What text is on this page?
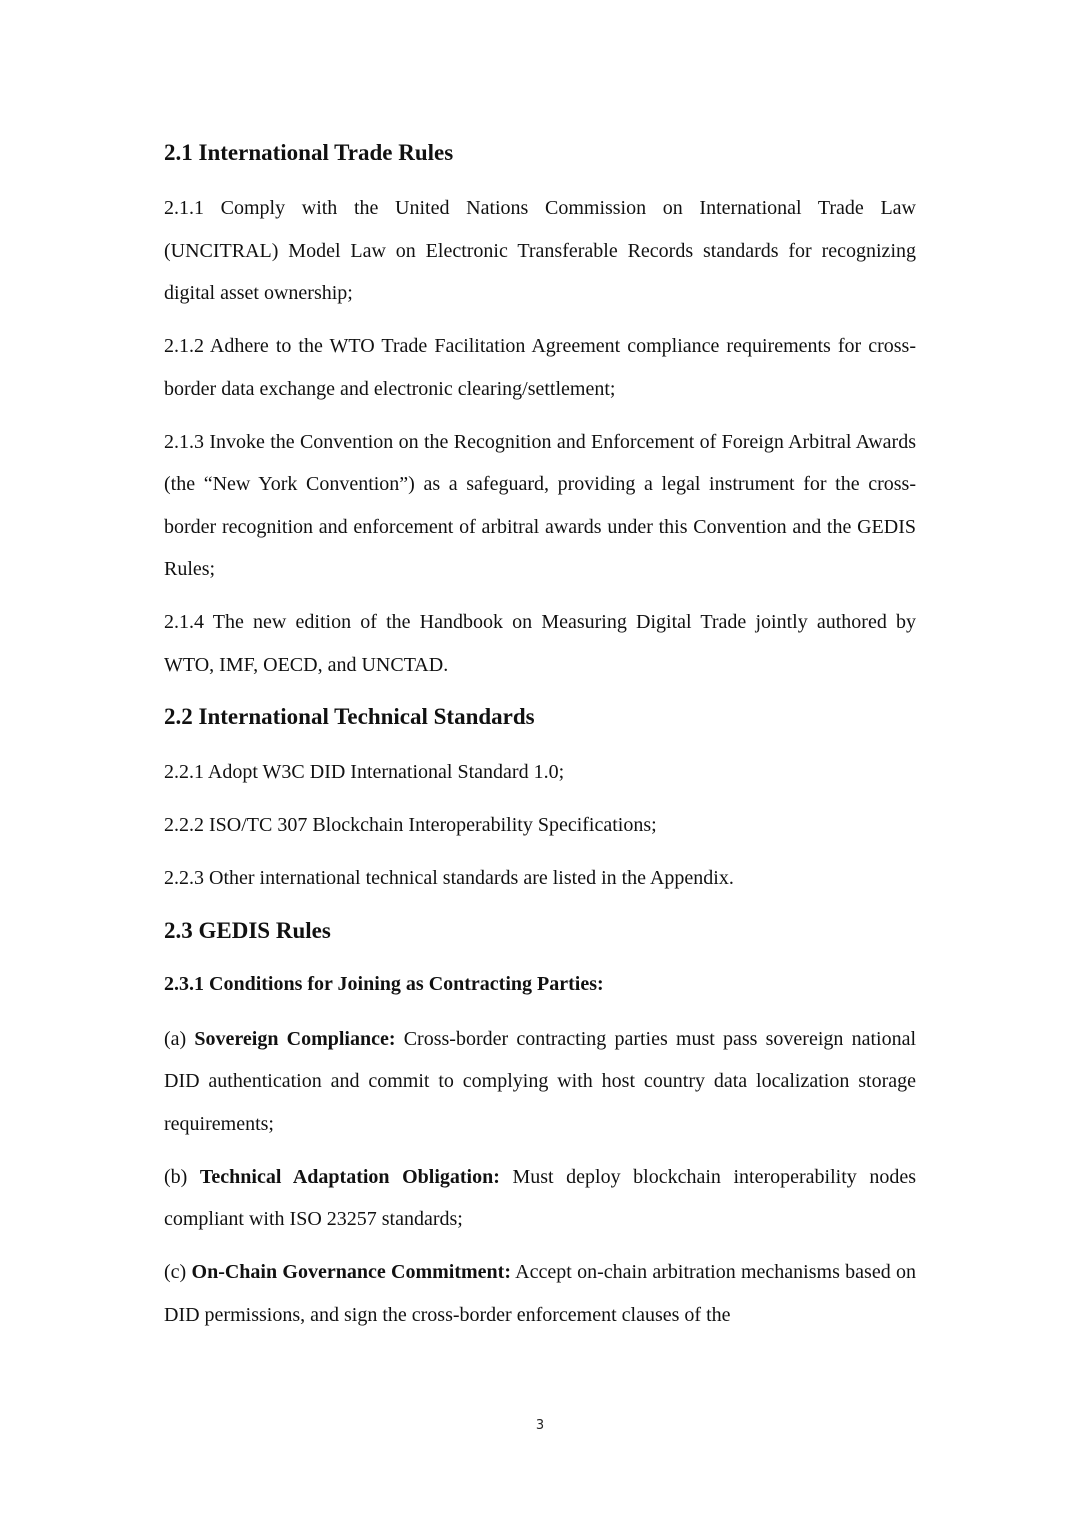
2.1 International Trade Rules

2.1.1 Comply with the United Nations Commission on International Trade Law (UNCITRAL) Model Law on Electronic Transferable Records standards for recognizing digital asset ownership;

2.1.2 Adhere to the WTO Trade Facilitation Agreement compliance requirements for cross-border data exchange and electronic clearing/settlement;

2.1.3 Invoke the Convention on the Recognition and Enforcement of Foreign Arbitral Awards (the “New York Convention”) as a safeguard, providing a legal instrument for the cross-border recognition and enforcement of arbitral awards under this Convention and the GEDIS Rules;

2.1.4 The new edition of the Handbook on Measuring Digital Trade jointly authored by WTO, IMF, OECD, and UNCTAD.

2.2 International Technical Standards

2.2.1 Adopt W3C DID International Standard 1.0;

2.2.2 ISO/TC 307 Blockchain Interoperability Specifications;

2.2.3 Other international technical standards are listed in the Appendix.

2.3 GEDIS Rules
2.3.1 Conditions for Joining as Contracting Parties:

(a) Sovereign Compliance: Cross-border contracting parties must pass sovereign national DID authentication and commit to complying with host country data localization storage requirements;

(b) Technical Adaptation Obligation: Must deploy blockchain interoperability nodes compliant with ISO 23257 standards;

(c) On-Chain Governance Commitment: Accept on-chain arbitration mechanisms based on DID permissions, and sign the cross-border enforcement clauses of the

3
